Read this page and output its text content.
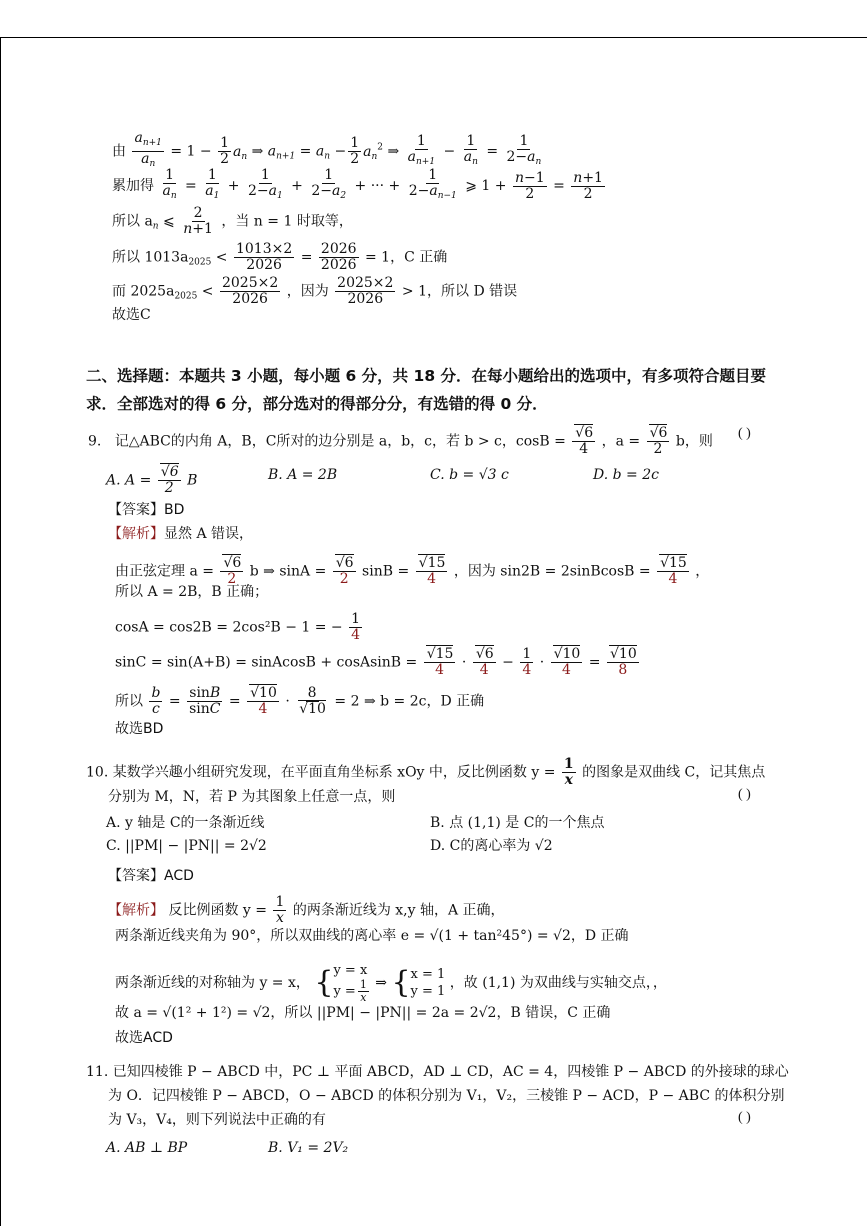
由 $\frac{a_{n+1}}{a_n} = 1 - \frac{1}{2} a_n$ ⇒ $a_{n+1} = a_n - \frac{1}{2} a_n^2$ ⇒ $\frac{1}{a_{n+1}} - \frac{1}{a_n} = \frac{1}{2-a_n}$
累加得 $\frac{1}{a_n} = \frac{1}{a_1} + \frac{1}{2-a_1} + \frac{1}{2-a_2}$ + ··· + $\frac{1}{2-a_{n-1}}$ ⩾ $1 + \frac{n-1}{2} = \frac{n+1}{2}$
所以 $a_n$ ⩽ $\frac{2}{n+1}$ ，当 n = 1 时取等，
所以 $1013a_{2025} < \frac{1013\times 2}{2026} = \frac{2026}{2026} = 1$，C 正确
而 $2025a_{2025} < \frac{2025\times 2}{2026}$ ，因为 $\frac{2025\times 2}{2026} > 1$，所以 D 错误
故选C
二、选择题：本题共 3 小题，每小题 6 分，共 18 分．在每小题给出的选项中，有多项符合题目要
求．全部选对的得 6 分，部分选对的得部分分，有选错的得 0 分．
9. 记△ABC的内角 A，B，C所对的边分别是 a，b，c，若 b > c，cosB = √ $\frac{6}{4}$ ，a = √ $\frac{6}{2}$ b，则 ( )
A. A = √ $\frac{6}{2}$ B	B. A = 2B	C. b = √3 c	D. b = 2c
【答案】BD
【解析】显然 A 错误，
由正弦定理 a = √ $\frac{6}{2}$ b ⇒ sinA = √ $\frac{6}{2}$ sinB = √ $\frac{15}{4}$ ，因为 sin2B = 2sinBcosB = √ $\frac{15}{4}$ ，
所以 A = 2B，B 正确；
cosA = cos2B = 2cos²B − 1 = − $\frac{1}{4}$
sinC = sin(A+B) = sinAcosB + cosAsinB = √ $\frac{15}{4}$ · √ $\frac{6}{4} - \frac{1}{4}$ · √ $\frac{10}{4}$ = √ $\frac{10}{8}$
所以 $\frac{b}{c} = \frac{\sin B}{\sin C}$ = √ $\frac{10}{4} \cdot 8$
√ 10 = 2 ⇒ b = 2c，D 正确
故选BD
10. 某数学兴趣小组研究发现，在平面直角坐标系 xOy 中，反比例函数 $y = \frac{1}{x}$ 的图象是双曲线 C，记其焦点
分别为 M，N，若 P 为其图象上任意一点，则	( )
A. y 轴是 C的一条渐近线	B. 点 (1,1) 是 C的一个焦点
C. ||PM| − |PN|| = 2√2	D. C的离心率为 √2
【答案】ACD
【解析】 反比例函数 $y = \frac{1}{x}$ 的两条渐近线为 x,y 轴，A 正确，
两条渐近线夹角为 90°，所以双曲线的离心率 e = √(1 + tan²45°) = √2，D 正确
两条渐近线的对称轴为 y = x， { y = x
$y = \frac{1}{x}$ ⇒ { x = 1
y = 1
，故 (1,1) 为双曲线与实轴交点，，
故 a = √(1² + 1²) = √2，所以 ||PM| − |PN|| = 2a = 2√2，B 错误，C 正确
故选ACD
11. 已知四棱锥 P − ABCD 中，PC ⊥ 平面 ABCD，AD ⊥ CD，AC = 4，四棱锥 P − ABCD 的外接球的球心
为 O．记四棱锥 P − ABCD，O − ABCD 的体积分别为 V₁，V₂，三棱锥 P − ACD，P − ABC 的体积分别
为 V₃，V₄，则下列说法中正确的有	( )
A. AB ⊥ BP	B. V₁ = 2V₂
